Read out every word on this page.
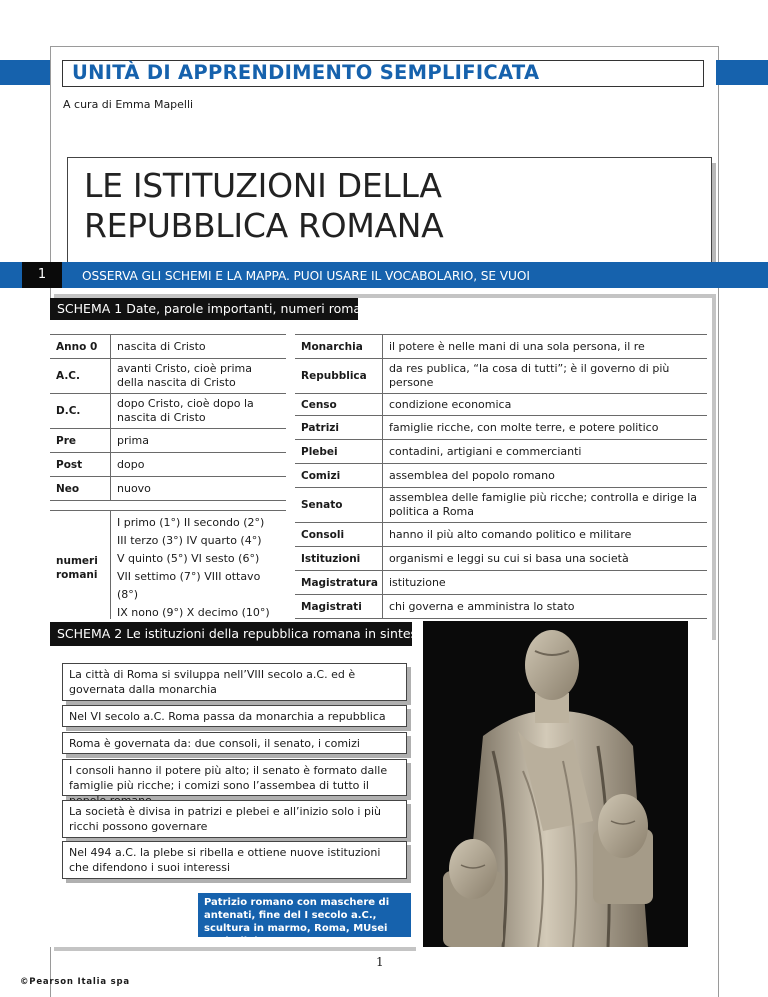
UNITÀ DI APPRENDIMENTO SEMPLIFICATA
A cura di Emma Mapelli
LE ISTITUZIONI DELLA
REPUBBLICA ROMANA
1	OSSERVA GLI SCHEMI E LA MAPPA. PUOI USARE IL VOCABOLARIO, SE VUOI
SCHEMA 1 Date, parole importanti, numeri romani
Anno 0	nascita di Cristo
A.C.	avanti Cristo, cioè prima della nascita di Cristo
D.C.	dopo Cristo, cioè dopo la nascita di Cristo
Pre	prima
Post	dopo
Neo	nuovo

numeri romani	I primo (1°) II secondo (2°)
III terzo (3°) IV quarto (4°)
V quinto (5°) VI sesto (6°)
VII settimo (7°) VIII ottavo (8°)
IX nono (9°) X decimo (10°)
Monarchia	il potere è nelle mani di una sola persona, il re
Repubblica	da res publica, “la cosa di tutti”; è il governo di più persone
Censo	condizione economica
Patrizi	famiglie ricche, con molte terre, e potere politico
Plebei	contadini, artigiani e commercianti
Comizi	assemblea del popolo romano
Senato	assemblea delle famiglie più ricche; controlla e dirige la politica a Roma
Consoli	hanno il più alto comando politico e militare
Istituzioni	organismi e leggi su cui si basa una società
Magistratura	istituzione
Magistrati	chi governa e amministra lo stato
SCHEMA 2 Le istituzioni della repubblica romana in sintesi
La città di Roma si sviluppa nell’VIII secolo a.C. ed è governata dalla monarchia
Nel VI secolo a.C. Roma passa da monarchia a repubblica
Roma è governata da: due consoli, il senato, i comizi
I consoli hanno il potere più alto; il senato è formato dalle famiglie più ricche; i comizi sono l’assembea di tutto il
La società è divisa in patrizi e plebei e all’inizio solo i più ricchi possono governare
Nel 494 a.C. la plebe si ribella e ottiene nuove istituzioni che difendono i suoi interessi
Patrizio romano con maschere di antenati, fine del I secolo a.C., scultura in marmo, Roma, MUsei Capitolini.
1
©Pearson Italia spa
